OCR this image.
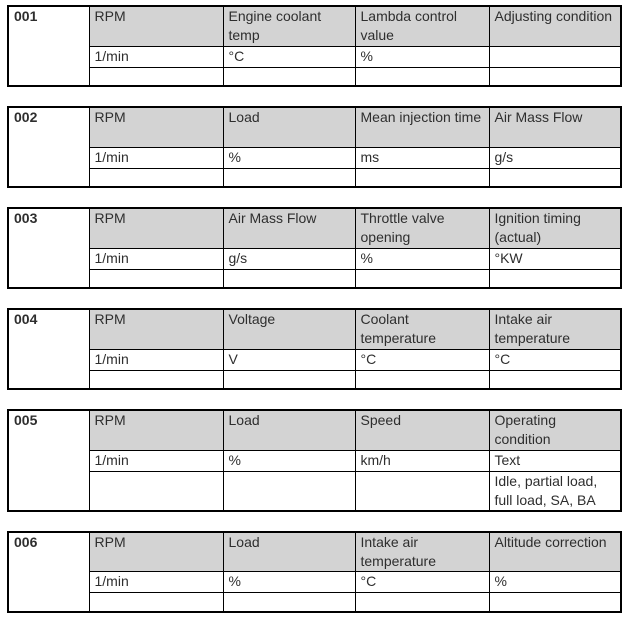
001	RPM	Engine coolant temp	Lambda control value	Adjusting condition
	1/min	°C	%	

002	RPM	Load	Mean injection time	Air Mass Flow
	1/min	%	ms	g/s

003	RPM	Air Mass Flow	Throttle valve opening	Ignition timing (actual)
	1/min	g/s	%	°KW

004	RPM	Voltage	Coolant temperature	Intake air temperature
	1/min	V	°C	°C

005	RPM	Load	Speed	Operating condition
	1/min	%	km/h	Text
				Idle, partial load, full load, SA, BA
006	RPM	Load	Intake air temperature	Altitude correction
	1/min	%	°C	%
